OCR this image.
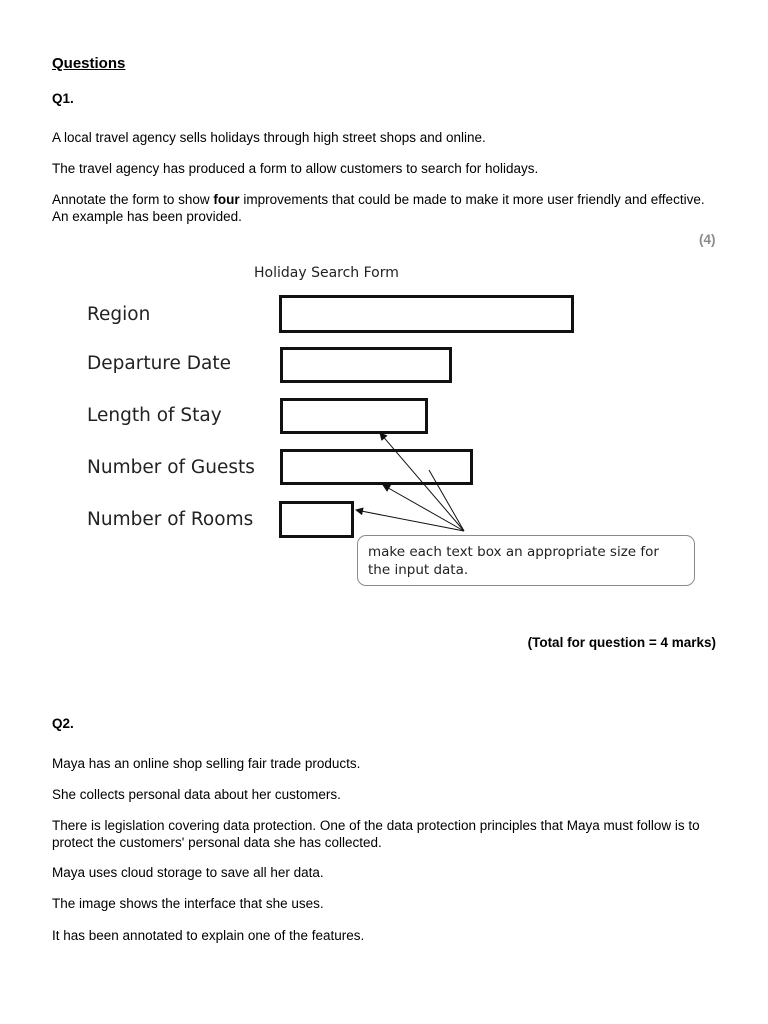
Questions
Q1.
A local travel agency sells holidays through high street shops and online.
The travel agency has produced a form to allow customers to search for holidays.
Annotate the form to show four improvements that could be made to make it more user friendly and effective. An example has been provided.
(4)
Holiday Search Form
Region
Departure Date
Length of Stay
Number of Guests
Number of Rooms
make each text box an appropriate size for the input data.
(Total for question = 4 marks)
Q2.
Maya has an online shop selling fair trade products.
She collects personal data about her customers.
There is legislation covering data protection. One of the data protection principles that Maya must follow is to protect the customers' personal data she has collected.
Maya uses cloud storage to save all her data.
The image shows the interface that she uses.
It has been annotated to explain one of the features.
